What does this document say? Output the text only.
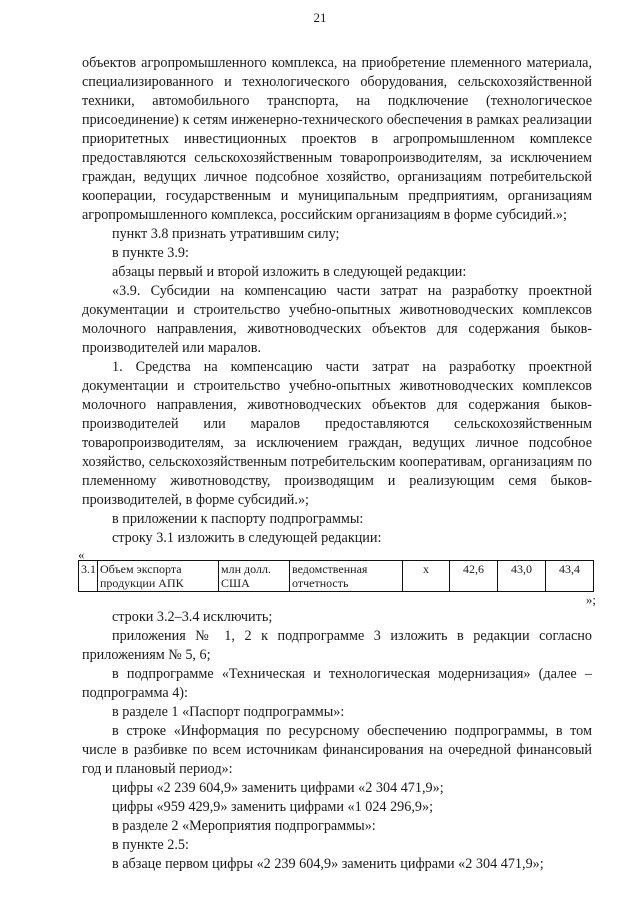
21

объектов агропромышленного комплекса, на приобретение племенного материала, специализированного и технологического оборудования, сельскохозяйственной техники, автомобильного транспорта, на подключение (технологическое присоединение) к сетям инженерно-технического обеспечения в рамках реализации приоритетных инвестиционных проектов в агропромышленном комплексе предоставляются сельскохозяйственным товаропроизводителям, за исключением граждан, ведущих личное подсобное хозяйство, организациям потребительской кооперации, государственным и муниципальным предприятиям, организациям агропромышленного комплекса, российским организациям в форме субсидий.»;

пункт 3.8 признать утратившим силу;

в пункте 3.9:

абзацы первый и второй изложить в следующей редакции:

«3.9. Субсидии на компенсацию части затрат на разработку проектной документации и строительство учебно-опытных животноводческих комплексов молочного направления, животноводческих объектов для содержания быков-производителей или маралов.

1. Средства на компенсацию части затрат на разработку проектной документации и строительство учебно-опытных животноводческих комплексов молочного направления, животноводческих объектов для содержания быков-производителей или маралов предоставляются сельскохозяйственным товаропроизводителям, за исключением граждан, ведущих личное подсобное хозяйство, сельскохозяйственным потребительским кооперативам, организациям по племенному животноводству, производящим и реализующим семя быков-производителей, в форме субсидий.»;

в приложении к паспорту подпрограммы:

строку 3.1 изложить в следующей редакции:

«
3.1	Объем экспорта продукции АПК	млн долл. США	ведомственная отчетность	х	42,6	43,0	43,4
»;

строки 3.2–3.4 исключить;

приложения № 1, 2 к подпрограмме 3 изложить в редакции согласно приложениям № 5, 6;

в подпрограмме «Техническая и технологическая модернизация» (далее – подпрограмма 4):

в разделе 1 «Паспорт подпрограммы»:

в строке «Информация по ресурсному обеспечению подпрограммы, в том числе в разбивке по всем источникам финансирования на очередной финансовый год и плановый период»:

цифры «2 239 604,9» заменить цифрами «2 304 471,9»;

цифры «959 429,9» заменить цифрами «1 024 296,9»;

в разделе 2 «Мероприятия подпрограммы»:

в пункте 2.5:

в абзаце первом цифры «2 239 604,9» заменить цифрами «2 304 471,9»;
